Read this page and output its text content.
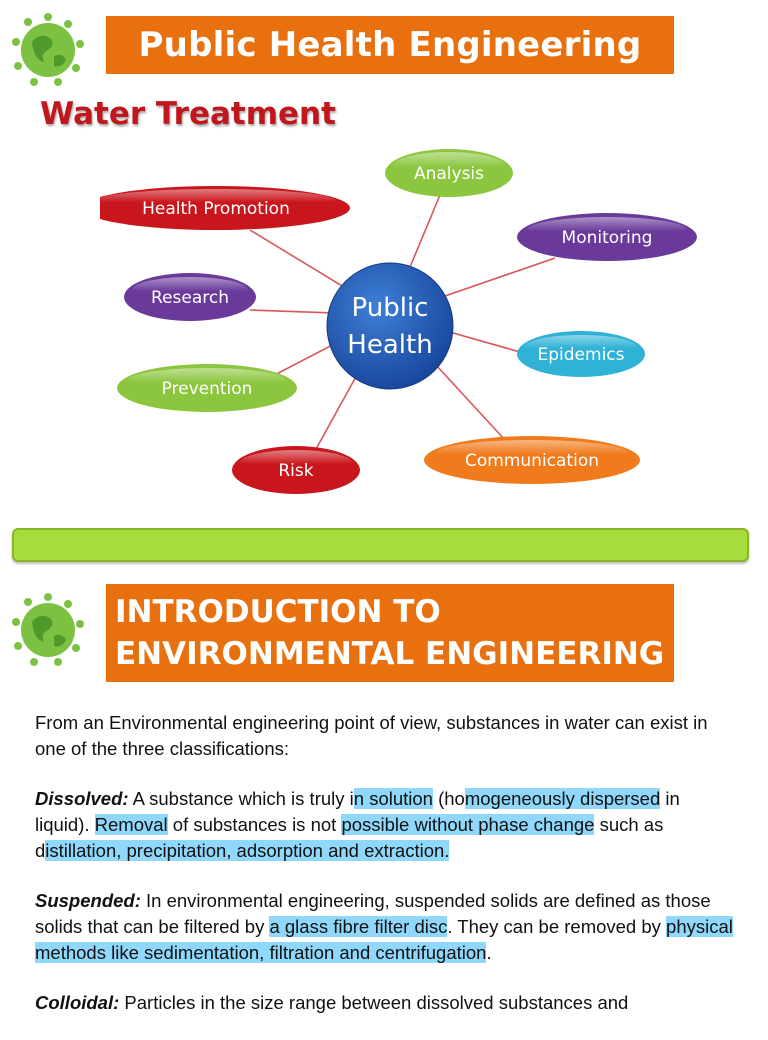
Public Health Engineering
Water Treatment
Analysis
Health Promotion
Monitoring
Research
Epidemics
Prevention
Communication
Risk
Public
Health
INTRODUCTION TO
ENVIRONMENTAL ENGINEERING

From an Environmental engineering point of view, substances in water can exist in one of the three classifications:

Dissolved: A substance which is truly in solution (homogeneously dispersed in liquid). Removal of substances is not possible without phase change such as distillation, precipitation, adsorption and extraction.

Suspended: In environmental engineering, suspended solids are defined as those solids that can be filtered by a glass fibre filter disc. They can be removed by physical methods like sedimentation, filtration and centrifugation.

Colloidal: Particles in the size range between dissolved substances and
